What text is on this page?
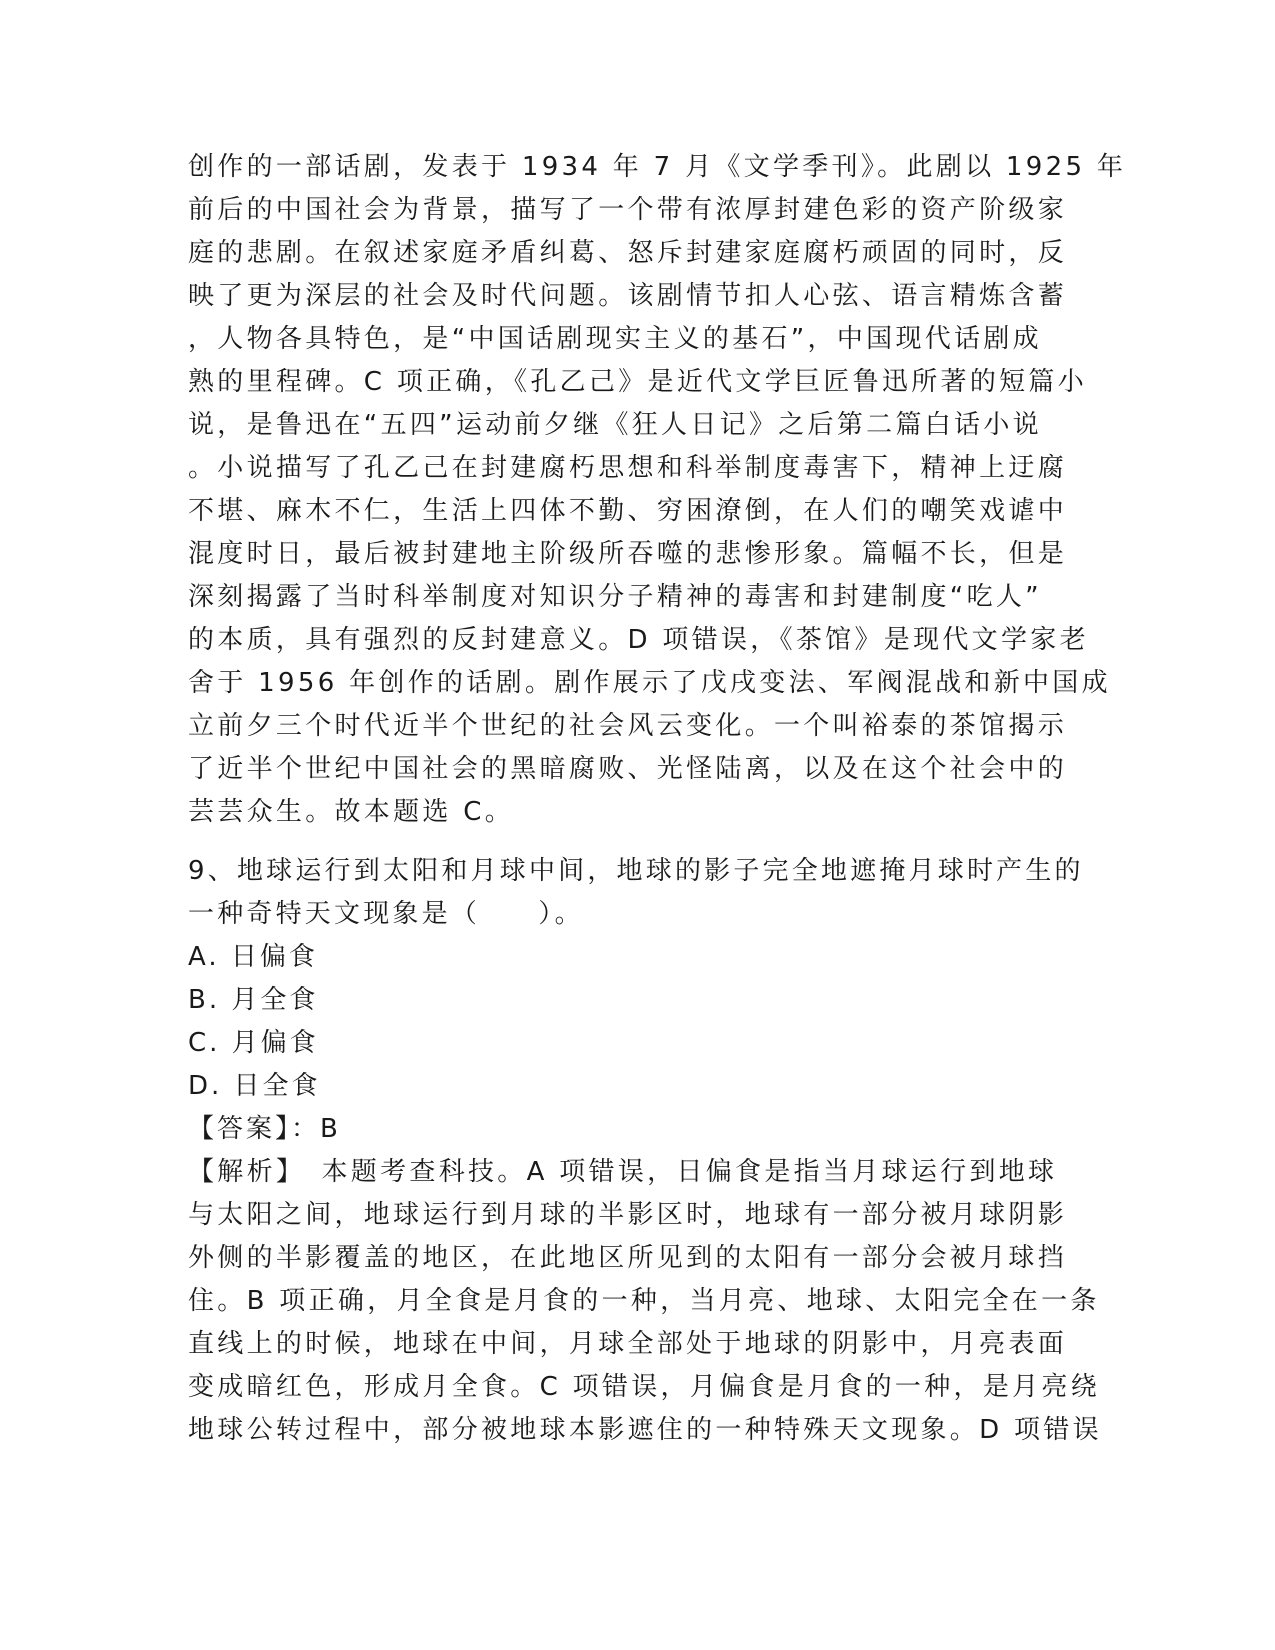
创作的一部话剧，发表于 1934 年 7 月《文学季刊》。此剧以 1925 年
前后的中国社会为背景，描写了一个带有浓厚封建色彩的资产阶级家
庭的悲剧。在叙述家庭矛盾纠葛、怒斥封建家庭腐朽顽固的同时，反
映了更为深层的社会及时代问题。该剧情节扣人心弦、语言精炼含蓄
，人物各具特色，是“中国话剧现实主义的基石”，中国现代话剧成
熟的里程碑。C 项正确，《孔乙己》是近代文学巨匠鲁迅所著的短篇小
说，是鲁迅在“五四”运动前夕继《狂人日记》之后第二篇白话小说
。小说描写了孔乙己在封建腐朽思想和科举制度毒害下，精神上迂腐
不堪、麻木不仁，生活上四体不勤、穷困潦倒，在人们的嘲笑戏谑中
混度时日，最后被封建地主阶级所吞噬的悲惨形象。篇幅不长，但是
深刻揭露了当时科举制度对知识分子精神的毒害和封建制度“吃人”
的本质，具有强烈的反封建意义。D 项错误，《茶馆》是现代文学家老
舍于 1956 年创作的话剧。剧作展示了戊戌变法、军阀混战和新中国成
立前夕三个时代近半个世纪的社会风云变化。一个叫裕泰的茶馆揭示
了近半个世纪中国社会的黑暗腐败、光怪陆离，以及在这个社会中的
芸芸众生。故本题选 C。
9、地球运行到太阳和月球中间，地球的影子完全地遮掩月球时产生的
一种奇特天文现象是（　　）。
A. 日偏食
B. 月全食
C. 月偏食
D. 日全食
【答案】：B
【解析】　本题考查科技。A 项错误，日偏食是指当月球运行到地球
与太阳之间，地球运行到月球的半影区时，地球有一部分被月球阴影
外侧的半影覆盖的地区，在此地区所见到的太阳有一部分会被月球挡
住。B 项正确，月全食是月食的一种，当月亮、地球、太阳完全在一条
直线上的时候，地球在中间，月球全部处于地球的阴影中，月亮表面
变成暗红色，形成月全食。C 项错误，月偏食是月食的一种，是月亮绕
地球公转过程中，部分被地球本影遮住的一种特殊天文现象。D 项错误
